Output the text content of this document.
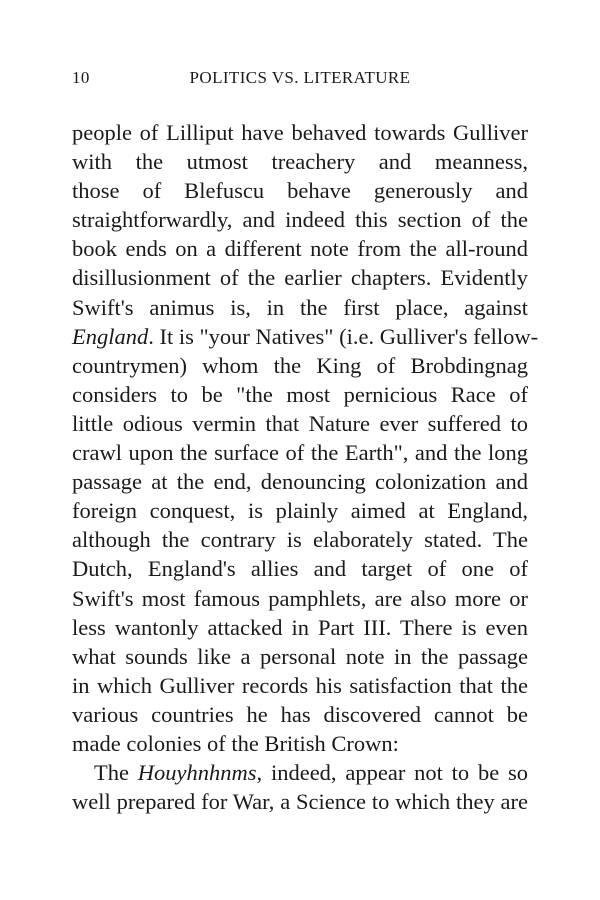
10	POLITICS VS. LITERATURE
people of Lilliput have behaved towards Gulliver
with the utmost treachery and meanness,
those of Blefuscu behave generously and
straightforwardly, and indeed this section of the
book ends on a different note from the all-round
disillusionment of the earlier chapters. Evidently
Swift's animus is, in the first place, against
England. It is "your Natives" (i.e. Gulliver's fellow-
countrymen) whom the King of Brobdingnag
considers to be "the most pernicious Race of
little odious vermin that Nature ever suffered to
crawl upon the surface of the Earth", and the long
passage at the end, denouncing colonization and
foreign conquest, is plainly aimed at England,
although the contrary is elaborately stated. The
Dutch, England's allies and target of one of
Swift's most famous pamphlets, are also more or
less wantonly attacked in Part III. There is even
what sounds like a personal note in the passage
in which Gulliver records his satisfaction that the
various countries he has discovered cannot be
made colonies of the British Crown:
The Houyhnhnms, indeed, appear not to be so
well prepared for War, a Science to which they are
